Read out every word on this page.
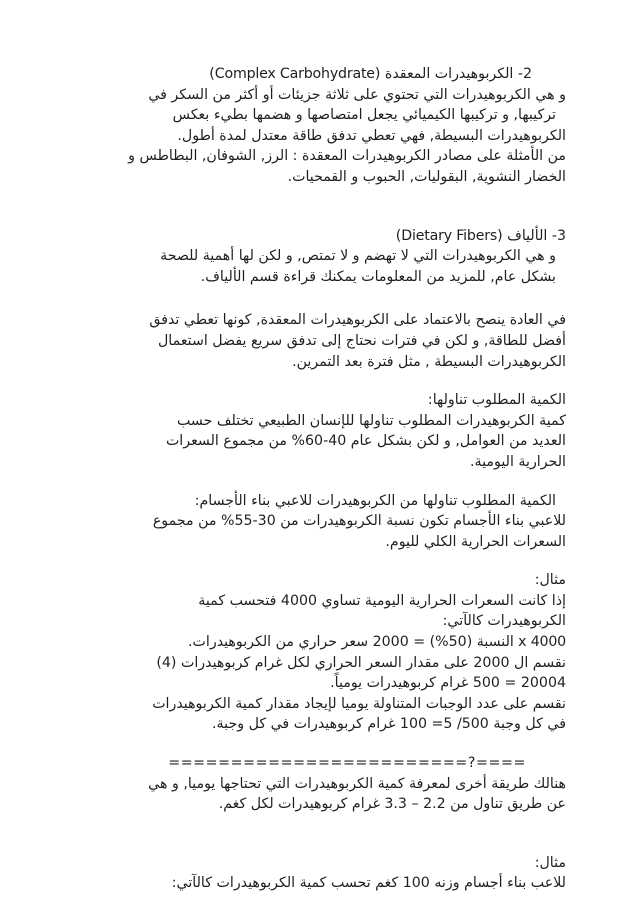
2- الكربوهيدرات المعقدة (Complex Carbohydrate)
و هي الكربوهيدرات التي تحتوي على ثلاثة جزيئات أو أكثر من السكر في
تركيبها, و تركيبها الكيميائي يجعل امتصاصها و هضمها بطيء بعكس
الكربوهيدرات البسيطة, فهي تعطي تدفق طاقة معتدل لمدة أطول.
من الأمثلة على مصادر الكربوهيدرات المعقدة : الرز, الشوفان, البطاطس و
الخضار النشوية, البقوليات, الحبوب و القمحيات.
3- الألياف (Dietary Fibers)
و هي الكربوهيدرات التي لا تهضم و لا تمتص, و لكن لها أهمية للصحة
بشكل عام, للمزيد من المعلومات يمكنك قراءة قسم الألياف.
في العادة ينصح بالاعتماد على الكربوهيدرات المعقدة, كونها تعطي تدفق
أفضل للطاقة, و لكن في فترات نحتاج إلى تدفق سريع يفضل استعمال
الكربوهيدرات البسيطة , مثل فترة بعد التمرين.
الكمية المطلوب تناولها:
كمية الكربوهيدرات المطلوب تناولها للإنسان الطبيعي تختلف حسب
العديد من العوامل, و لكن بشكل عام 40-60% من مجموع السعرات
الحرارية اليومية.
الكمية المطلوب تناولها من الكربوهيدرات للاعبي بناء الأجسام:
للاعبي بناء الأجسام تكون نسبة الكربوهيدرات من 30-55% من مجموع
السعرات الحرارية الكلي لليوم.
مثال:
إذا كانت السعرات الحرارية اليومية تساوي 4000 فتحسب كمية
الكربوهيدرات كالآتي:
4000 x النسبة (50%) = 2000 سعر حراري من الكربوهيدرات.
نقسم ال 2000 على مقدار السعر الحراري لكل غرام كربوهيدرات (4)
20004 = 500 غرام كربوهيدرات يومياً.
نقسم على عدد الوجبات المتناولة يوميا لإيجاد مقدار كمية الكربوهيدرات
في كل وجبة 500/ 5= 100 غرام كربوهيدرات في كل وجبة.
====?========================
هنالك طريقة أخرى لمعرفة كمية الكربوهيدرات التي تحتاجها يوميا, و هي
عن طريق تناول من 2.2 – 3.3 غرام كربوهيدرات لكل كغم.
مثال:
للاعب بناء أجسام وزنه 100 كغم تحسب كمية الكربوهيدرات كالآتي:
